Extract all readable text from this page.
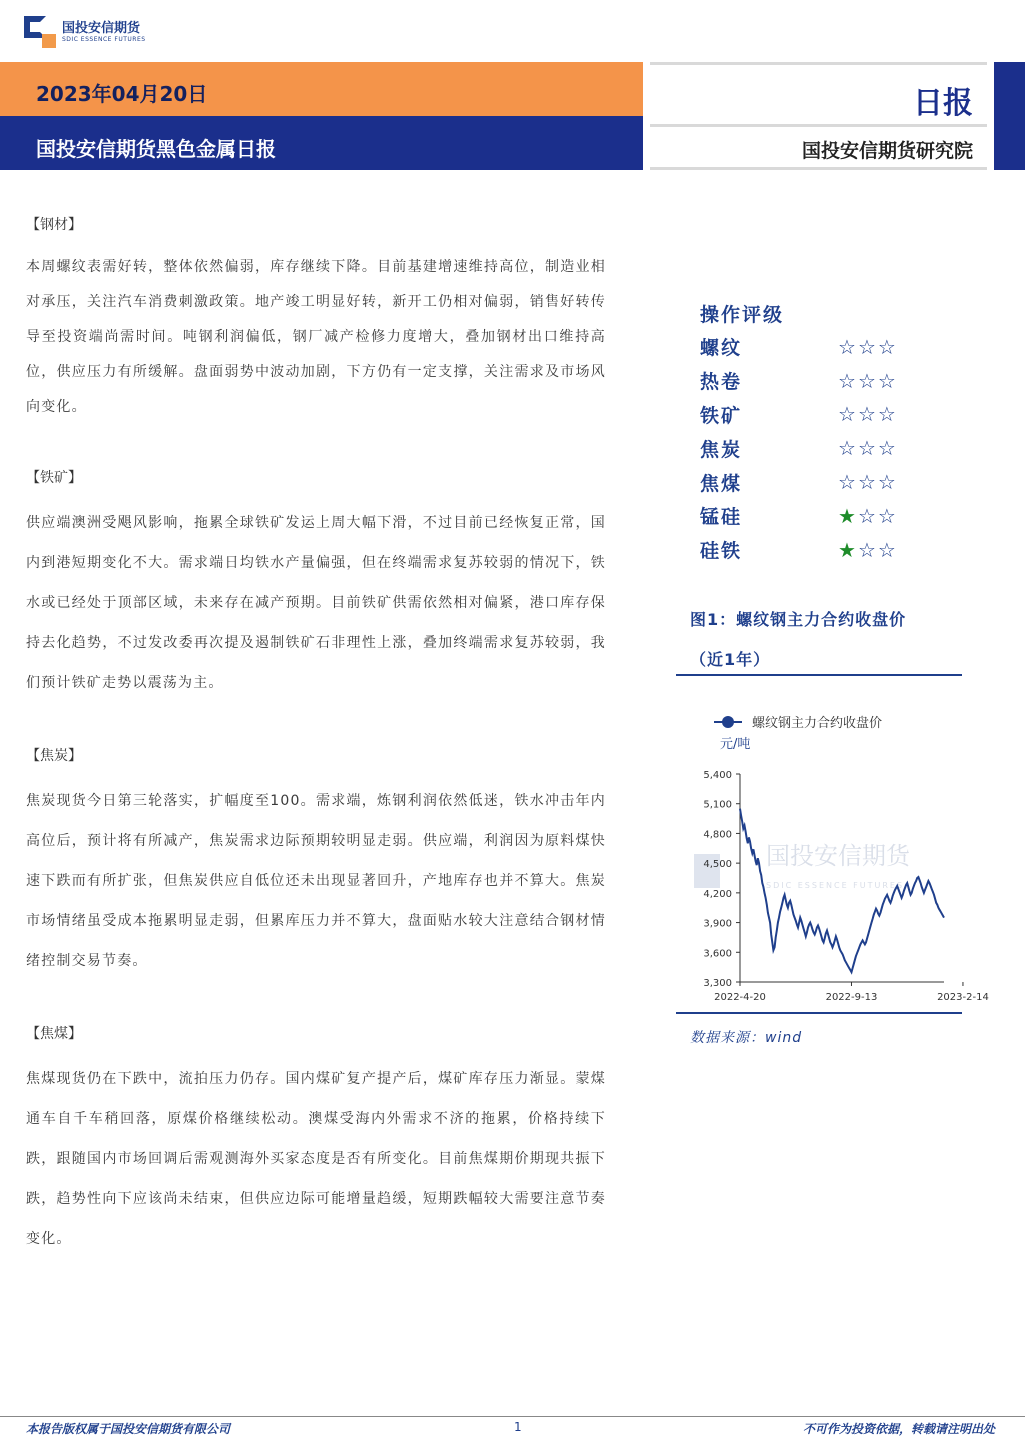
国投安信期货
SDIC ESSENCE FUTURES
2023年04月20日
国投安信期货黑色金属日报
日报
国投安信期货研究院

【钢材】

本周螺纹表需好转，整体依然偏弱，库存继续下降。目前基建增速维持高位，制造业相对承压，关注汽车消费刺激政策。地产竣工明显好转，新开工仍相对偏弱，销售好转传导至投资端尚需时间。吨钢利润偏低，钢厂减产检修力度增大，叠加钢材出口维持高位，供应压力有所缓解。盘面弱势中波动加剧，下方仍有一定支撑，关注需求及市场风向变化。

【铁矿】

供应端澳洲受飓风影响，拖累全球铁矿发运上周大幅下滑，不过目前已经恢复正常，国内到港短期变化不大。需求端日均铁水产量偏强，但在终端需求复苏较弱的情况下，铁水或已经处于顶部区域，未来存在减产预期。目前铁矿供需依然相对偏紧，港口库存保持去化趋势，不过发改委再次提及遏制铁矿石非理性上涨，叠加终端需求复苏较弱，我们预计铁矿走势以震荡为主。

【焦炭】

焦炭现货今日第三轮落实，扩幅度至100。需求端，炼钢利润依然低迷，铁水冲击年内高位后，预计将有所减产，焦炭需求边际预期较明显走弱。供应端，利润因为原料煤快速下跌而有所扩张，但焦炭供应自低位还未出现显著回升，产地库存也并不算大。焦炭市场情绪虽受成本拖累明显走弱，但累库压力并不算大，盘面贴水较大注意结合钢材情绪控制交易节奏。

【焦煤】

焦煤现货仍在下跌中，流拍压力仍存。国内煤矿复产提产后，煤矿库存压力渐显。蒙煤通车自千车稍回落，原煤价格继续松动。澳煤受海内外需求不济的拖累，价格持续下跌，跟随国内市场回调后需观测海外买家态度是否有所变化。目前焦煤期价期现共振下跌，趋势性向下应该尚未结束，但供应边际可能增量趋缓，短期跌幅较大需要注意节奏变化。

操作评级
螺纹	☆☆☆
热卷	☆☆☆
铁矿	☆☆☆
焦炭	☆☆☆
焦煤	☆☆☆
锰硅	★☆☆
硅铁	★☆☆
图1：螺纹钢主力合约收盘价
（近1年）
国投安信期货
SDIC ESSENCE FUTURES
螺纹钢主力合约收盘价
元/吨
5,400
5,100
4,800
4,500
4,200
3,900
3,600
3,300
2022-4-20	2022-9-13	2023-2-14
数据来源：wind
本报告版权属于国投安信期货有限公司	1	不可作为投资依据，转载请注明出处
